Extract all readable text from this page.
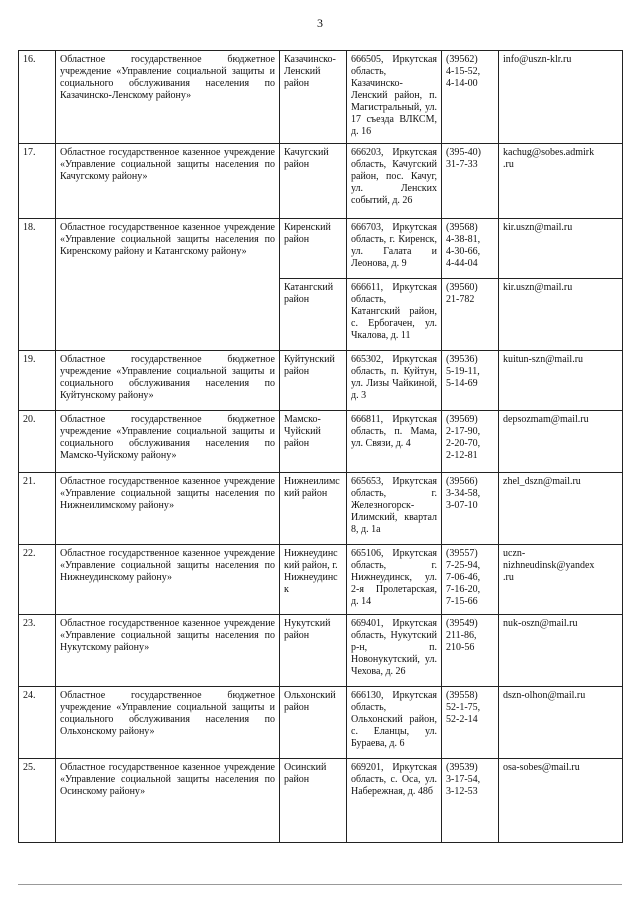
3
16.	Областное государственное бюджетное учреждение «Управление социальной защиты и социального обслуживания населения по Казачинско-Ленскому району»	Казачинско-Ленский район	666505, Иркутская область, Казачинско-Ленский район, п. Магистральный, ул. 17 съезда ВЛКСМ, д. 16	(39562)
4-15-52,
4-14-00	info@uszn-klr.ru
17.	Областное государственное казенное учреждение «Управление социальной защиты населения по Качугскому району»	Качугский район	666203, Иркутская область, Качугский район, пос. Качуг, ул. Ленских событий, д. 26	(395-40)
31-7-33	kachug@sobes.admirk
.ru
18.	Областное государственное казенное учреждение «Управление социальной защиты населения по Киренскому району и Катангскому району»	Киренский район	666703, Иркутская область, г. Киренск, ул. Галата и Леонова, д. 9	(39568)
4-38-81,
4-30-66,
4-44-04	kir.uszn@mail.ru
		Катангский район	666611, Иркутская область, Катангский район, с. Ербогачен, ул. Чкалова, д. 11	(39560)
21-782	kir.uszn@mail.ru
19.	Областное государственное бюджетное учреждение «Управление социальной защиты и социального обслуживания населения по Куйтунскому району»	Куйтунский район	665302, Иркутская область, п. Куйтун, ул. Лизы Чайкиной, д. 3	(39536)
5-19-11,
5-14-69	kuitun-szn@mail.ru
20.	Областное государственное бюджетное учреждение «Управление социальной защиты и социального обслуживания населения по Мамско-Чуйскому району»	Мамско-Чуйский район	666811, Иркутская область, п. Мама, ул. Связи, д. 4	(39569)
2-17-90,
2-20-70,
2-12-81	depsozmam@mail.ru
21.	Областное государственное казенное учреждение «Управление социальной защиты населения по Нижнеилимскому району»	Нижнеилимский район	665653, Иркутская область, г. Железногорск-Илимский, квартал 8, д. 1а	(39566)
3-34-58,
3-07-10	zhel_dszn@mail.ru
22.	Областное государственное казенное учреждение «Управление социальной защиты населения по Нижнеудинскому району»	Нижнеудинский район, г. Нижнеудинск	665106, Иркутская область, г. Нижнеудинск, ул. 2-я Пролетарская, д. 14	(39557)
7-25-94,
7-06-46,
7-16-20,
7-15-66	uczn-
nizhneudinsk@yandex
.ru
23.	Областное государственное казенное учреждение «Управление социальной защиты населения по Нукутскому району»	Нукутский район	669401, Иркутская область, Нукутский р-н, п. Новонукутский, ул. Чехова, д. 26	(39549)
211-86,
210-56	nuk-oszn@mail.ru
24.	Областное государственное бюджетное учреждение «Управление социальной защиты и социального обслуживания населения по Ольхонскому району»	Ольхонский район	666130, Иркутская область, Ольхонский район, с. Еланцы, ул. Бураева, д. 6	(39558)
52-1-75,
52-2-14	dszn-olhon@mail.ru
25.	Областное государственное казенное учреждение «Управление социальной защиты населения по Осинскому району»	Осинский район	669201, Иркутская область, с. Оса, ул. Набережная, д. 48б	(39539)
3-17-54,
3-12-53	osa-sobes@mail.ru
